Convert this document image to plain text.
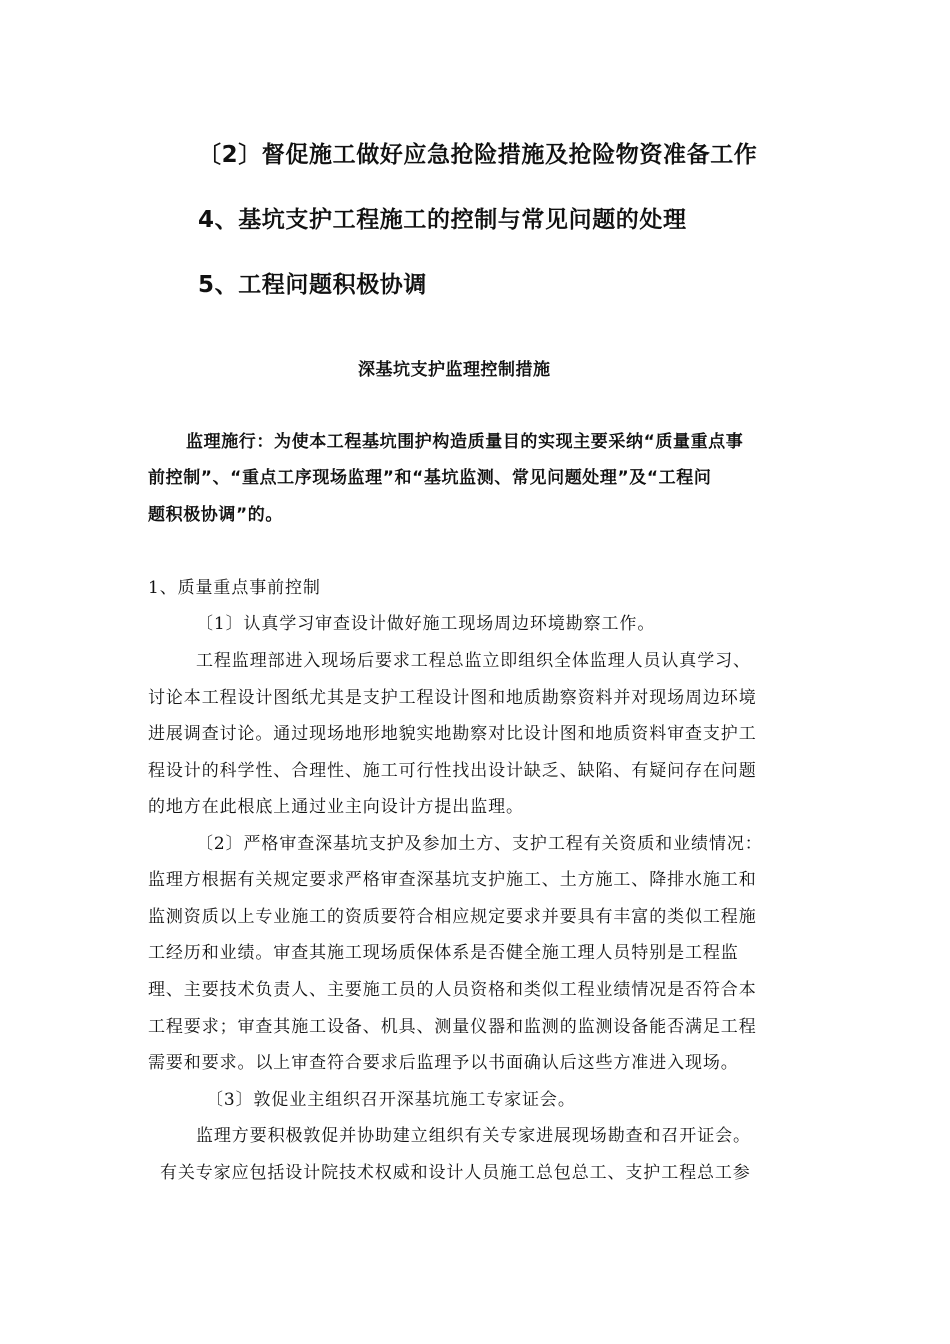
〔2〕督促施工做好应急抢险措施及抢险物资准备工作

4、基坑支护工程施工的控制与常见问题的处理

5、工程问题积极协调

深基坑支护监理控制措施

监理施行：为使本工程基坑围护构造质量目的实现主要采纳“质量重点事

前控制”、“重点工序现场监理”和“基坑监测、常见问题处理”及“工程问

题积极协调”的。

1、质量重点事前控制

〔1〕认真学习审查设计做好施工现场周边环境勘察工作。

工程监理部进入现场后要求工程总监立即组织全体监理人员认真学习、

讨论本工程设计图纸尤其是支护工程设计图和地质勘察资料并对现场周边环境

进展调查讨论。通过现场地形地貌实地勘察对比设计图和地质资料审查支护工

程设计的科学性、合理性、施工可行性找出设计缺乏、缺陷、有疑问存在问题

的地方在此根底上通过业主向设计方提出监理。

〔2〕严格审查深基坑支护及参加土方、支护工程有关资质和业绩情况：

监理方根据有关规定要求严格审查深基坑支护施工、土方施工、降排水施工和

监测资质以上专业施工的资质要符合相应规定要求并要具有丰富的类似工程施

工经历和业绩。审查其施工现场质保体系是否健全施工理人员特别是工程监

理、主要技术负责人、主要施工员的人员资格和类似工程业绩情况是否符合本

工程要求；审查其施工设备、机具、测量仪器和监测的监测设备能否满足工程

需要和要求。以上审查符合要求后监理予以书面确认后这些方准进入现场。

〔3〕敦促业主组织召开深基坑施工专家证会。

监理方要积极敦促并协助建立组织有关专家进展现场勘查和召开证会。

有关专家应包括设计院技术权威和设计人员施工总包总工、支护工程总工参
